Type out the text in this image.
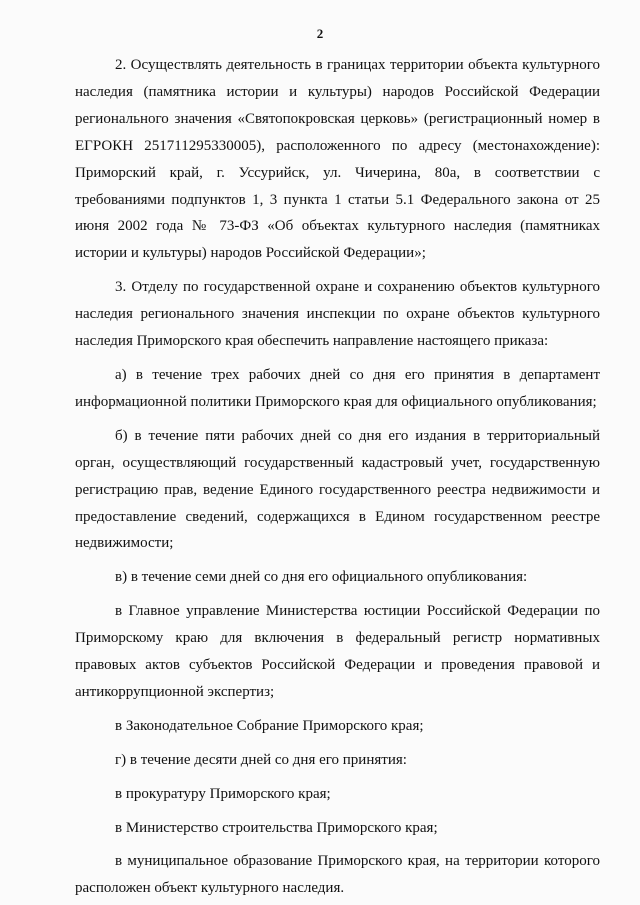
2

2. Осуществлять деятельность в границах территории объекта культурного наследия (памятника истории и культуры) народов Российской Федерации регионального значения «Святопокровская церковь» (регистрационный номер в ЕГРОКН 251711295330005), расположенного по адресу (местонахождение): Приморский край, г. Уссурийск, ул. Чичерина, 80а, в соответствии с требованиями подпунктов 1, 3 пункта 1 статьи 5.1 Федерального закона от 25 июня 2002 года № 73-ФЗ «Об объектах культурного наследия (памятниках истории и культуры) народов Российской Федерации»;

3. Отделу по государственной охране и сохранению объектов культурного наследия регионального значения инспекции по охране объектов культурного наследия Приморского края обеспечить направление настоящего приказа:

а) в течение трех рабочих дней со дня его принятия в департамент информационной политики Приморского края для официального опубликования;

б) в течение пяти рабочих дней со дня его издания в территориальный орган, осуществляющий государственный кадастровый учет, государственную регистрацию прав, ведение Единого государственного реестра недвижимости и предоставление сведений, содержащихся в Едином государственном реестре недвижимости;

в) в течение семи дней со дня его официального опубликования:

в Главное управление Министерства юстиции Российской Федерации по Приморскому краю для включения в федеральный регистр нормативных правовых актов субъектов Российской Федерации и проведения правовой и антикоррупционной экспертиз;

в Законодательное Собрание Приморского края;

г) в течение десяти дней со дня его принятия:

в прокуратуру Приморского края;

в Министерство строительства Приморского края;

в муниципальное образование Приморского края, на территории которого расположен объект культурного наследия.
